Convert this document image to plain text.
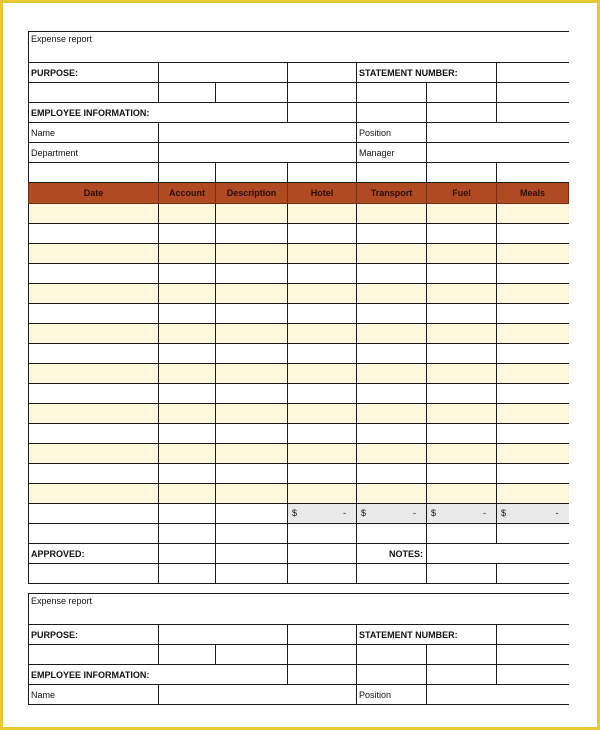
Expense report						
PURPOSE:				STATEMENT NUMBER:		

EMPLOYEE INFORMATION:						
Name				Position		
Department				Manager		

Date	Account	Description	Hotel	Transport	Fuel	Meals

			$ -	$ -	$ -	$ -

APPROVED:				NOTES:		

Expense report						
PURPOSE:				STATEMENT NUMBER:		

EMPLOYEE INFORMATION:						
Name				Position		
